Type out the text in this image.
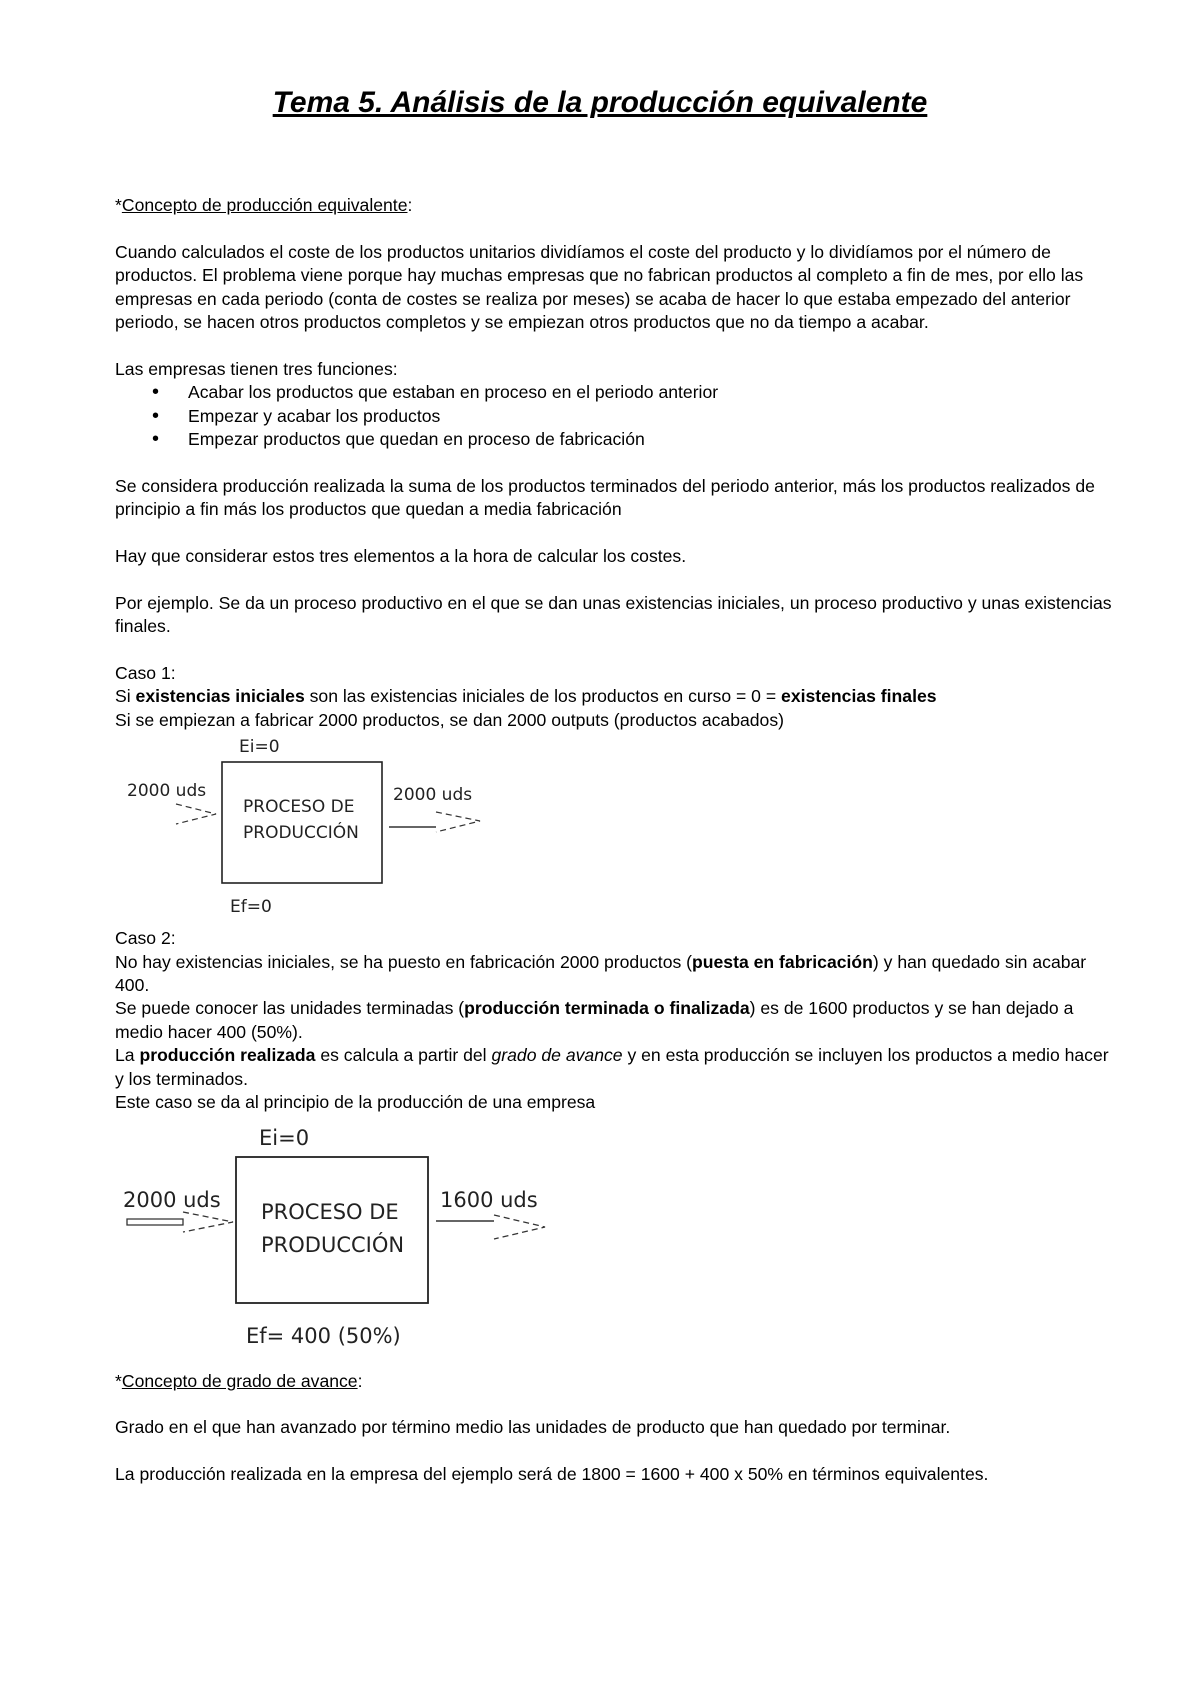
Tema 5. Análisis de la producción equivalente

*Concepto de producción equivalente:

Cuando calculados el coste de los productos unitarios dividíamos el coste del producto y lo dividíamos por el número de productos. El problema viene porque hay muchas empresas que no fabrican productos al completo a fin de mes, por ello las empresas en cada periodo (conta de costes se realiza por meses) se acaba de hacer lo que estaba empezado del anterior periodo, se hacen otros productos completos y se empiezan otros productos que no da tiempo a acabar.

Las empresas tienen tres funciones:

• Acabar los productos que estaban en proceso en el periodo anterior
• Empezar y acabar los productos
• Empezar productos que quedan en proceso de fabricación

Se considera producción realizada la suma de los productos terminados del periodo anterior, más los productos realizados de principio a fin más los productos que quedan a media fabricación

Hay que considerar estos tres elementos a la hora de calcular los costes.

Por ejemplo. Se da un proceso productivo en el que se dan unas existencias iniciales, un proceso productivo y unas existencias finales.

Caso 1:

Si existencias iniciales son las existencias iniciales de los productos en curso = 0 = existencias finales

Si se empiezan a fabricar 2000 productos, se dan 2000 outputs (productos acabados)

Ei=0
2000 uds
PROCESO DE
PRODUCCIÓN
2000 uds
Ef=0

Caso 2:

No hay existencias iniciales, se ha puesto en fabricación 2000 productos (puesta en fabricación) y han quedado sin acabar 400.

Se puede conocer las unidades terminadas (producción terminada o finalizada) es de 1600 productos y se han dejado a medio hacer 400 (50%).

La producción realizada es calcula a partir del grado de avance y en esta producción se incluyen los productos a medio hacer y los terminados.

Este caso se da al principio de la producción de una empresa

Ei=0
2000 uds PROCESO DE
PRODUCCIÓN
1600 uds
Ef= 400 (50%)

*Concepto de grado de avance:

Grado en el que han avanzado por término medio las unidades de producto que han quedado por terminar.

La producción realizada en la empresa del ejemplo será de 1800 = 1600 + 400 x 50% en términos equivalentes.
